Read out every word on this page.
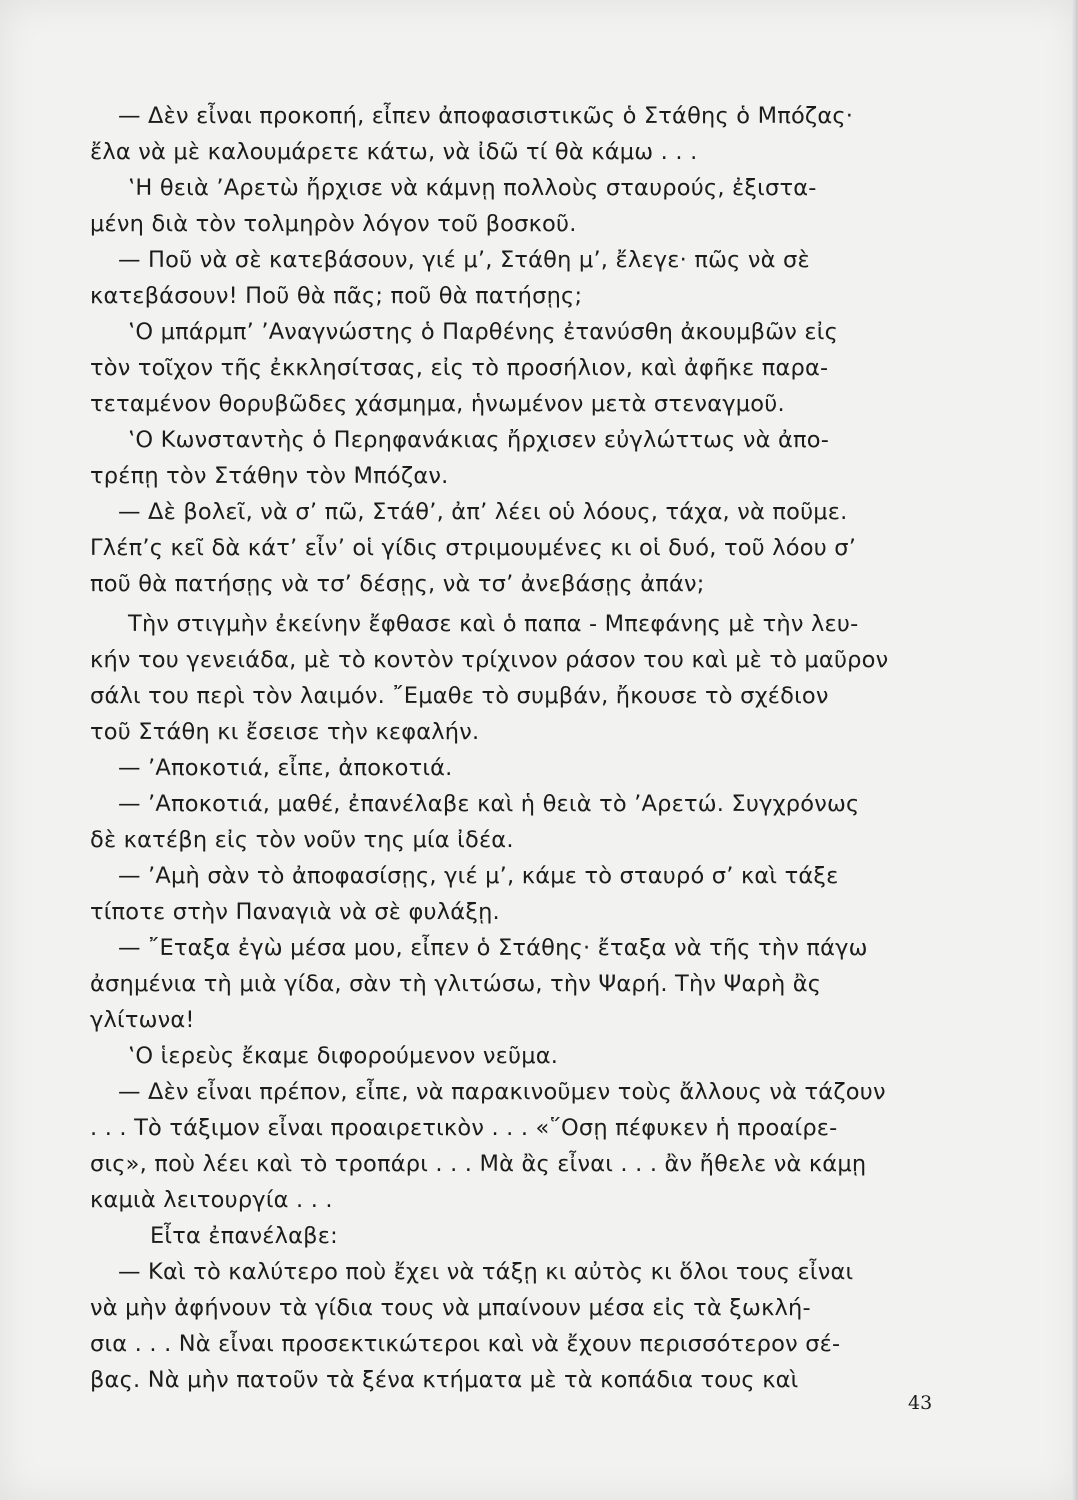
— Δὲν εἶναι προκοπή, εἶπεν ἀποφασιστικῶς ὁ Στάθης ὁ Μπόζας·
ἔλα νὰ μὲ καλουμάρετε κάτω, νὰ ἰδῶ τί θὰ κάμω . . .
‛Η θειὰ ’Αρετὼ ἤρχισε νὰ κάμνῃ πολλοὺς σταυρούς, ἐξιστα-
μένη διὰ τὸν τολμηρὸν λόγον τοῦ βοσκοῦ.
— Ποῦ νὰ σὲ κατεβάσουν, γιέ μ’, Στάθη μ’, ἔλεγε· πῶς νὰ σὲ
κατεβάσουν! Ποῦ θὰ πᾶς; ποῦ θὰ πατήσῃς;
‛Ο μπάρμπ’ ’Αναγνώστης ὁ Παρθένης ἐτανύσθη ἀκουμβῶν εἰς
τὸν τοῖχον τῆς ἐκκλησίτσας, εἰς τὸ προσήλιον, καὶ ἀφῆκε παρα-
τεταμένον θορυβῶδες χάσμημα, ἡνωμένον μετὰ στεναγμοῦ.
‛Ο Κωνσταντὴς ὁ Περηφανάκιας ἤρχισεν εὐγλώττως νὰ ἀπο-
τρέπῃ τὸν Στάθην τὸν Μπόζαν.
— Δὲ βολεῖ, νὰ σ’ πῶ, Στάθ’, ἀπ’ λέει οὑ λόους, τάχα, νὰ ποῦμε.
Γλέπ’ς κεῖ δὰ κάτ’ εἶν’ οἱ γίδις στριμουμένες κι οἱ δυό, τοῦ λόου σ’
ποῦ θὰ πατήσῃς νὰ τσ’ δέσῃς, νὰ τσ’ ἀνεβάσῃς ἀπάν;
Τὴν στιγμὴν ἐκείνην ἔφθασε καὶ ὁ παπα - Μπεφάνης μὲ τὴν λευ-
κήν του γενειάδα, μὲ τὸ κοντὸν τρίχινον ράσον του καὶ μὲ τὸ μαῦρον
σάλι του περὶ τὸν λαιμόν. ῎Εμαθε τὸ συμβάν, ἤκουσε τὸ σχέδιον
τοῦ Στάθη κι ἔσεισε τὴν κεφαλήν.
— ’Αποκοτιά, εἶπε, ἀποκοτιά.
— ’Αποκοτιά, μαθέ, ἐπανέλαβε καὶ ἡ θειὰ τὸ ’Αρετώ. Συγχρόνως
δὲ κατέβη εἰς τὸν νοῦν της μία ἰδέα.
— ’Αμὴ σὰν τὸ ἀποφασίσῃς, γιέ μ’, κάμε τὸ σταυρό σ’ καὶ τάξε
τίποτε στὴν Παναγιὰ νὰ σὲ φυλάξῃ.
— ῎Εταξα ἐγὼ μέσα μου, εἶπεν ὁ Στάθης· ἔταξα νὰ τῆς τὴν πάγω
ἀσημένια τὴ μιὰ γίδα, σὰν τὴ γλιτώσω, τὴν Ψαρή. Τὴν Ψαρὴ ἂς
γλίτωνα!
‛Ο ἱερεὺς ἔκαμε διφορούμενον νεῦμα.
— Δὲν εἶναι πρέπον, εἶπε, νὰ παρακινοῦμεν τοὺς ἄλλους νὰ τάζουν
. . . Τὸ τάξιμον εἶναι προαιρετικὸν . . . «῞Οσῃ πέφυκεν ἡ προαίρε-
σις», ποὺ λέει καὶ τὸ τροπάρι . . . Μὰ ἂς εἶναι . . . ἂν ἤθελε νὰ κάμῃ
καμιὰ λειτουργία . . .
Εἶτα ἐπανέλαβε:
— Καὶ τὸ καλύτερο ποὺ ἔχει νὰ τάξῃ κι αὐτὸς κι ὅλοι τους εἶναι
νὰ μὴν ἀφήνουν τὰ γίδια τους νὰ μπαίνουν μέσα εἰς τὰ ξωκλή-
σια . . . Νὰ εἶναι προσεκτικώτεροι καὶ νὰ ἔχουν περισσότερον σέ-
βας. Νὰ μὴν πατοῦν τὰ ξένα κτήματα μὲ τὰ κοπάδια τους καὶ
43
